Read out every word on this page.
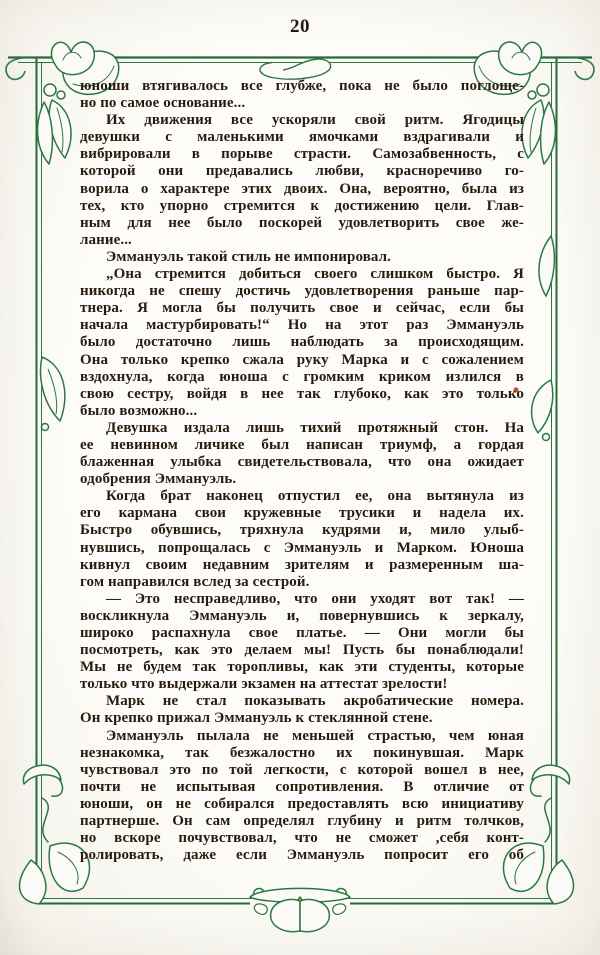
20
юноши втягивалось все глубже, пока не было поглоще-
но по самое основание...
Их движения все ускоряли свой ритм. Ягодицы
девушки с маленькими ямочками вздрагивали и
вибрировали в порыве страсти. Самозабвенность, с
которой они предавались любви, красноречиво го-
ворила о характере этих двоих. Она, вероятно, была из
тех, кто упорно стремится к достижению цели. Глав-
ным для нее было поскорей удовлетворить свое же-
лание...
Эммануэль такой стиль не импонировал.
„Она стремится добиться своего слишком быстро. Я
никогда не спешу достичь удовлетворения раньше пар-
тнера. Я могла бы получить свое и сейчас, если бы
начала мастурбировать!“ Но на этот раз Эммануэль
было достаточно лишь наблюдать за происходящим.
Она только крепко сжала руку Марка и с сожалением
вздохнула, когда юноша с громким криком излился в
свою сестру, войдя в нее так глубоко, как это только
было возможно...
Девушка издала лишь тихий протяжный стон. На
ее невинном личике был написан триумф, а гордая
блаженная улыбка свидетельствовала, что она ожидает
одобрения Эммануэль.
Когда брат наконец отпустил ее, она вытянула из
его кармана свои кружевные трусики и надела их.
Быстро обувшись, тряхнула кудрями и, мило улыб-
нувшись, попрощалась с Эммануэль и Марком. Юноша
кивнул своим недавним зрителям и размеренным ша-
гом направился вслед за сестрой.
— Это несправедливо, что они уходят вот так! —
воскликнула Эммануэль и, повернувшись к зеркалу,
широко распахнула свое платье. — Они могли бы
посмотреть, как это делаем мы! Пусть бы понаблюдали!
Мы не будем так торопливы, как эти студенты, которые
только что выдержали экзамен на аттестат зрелости!
Марк не стал показывать акробатические номера.
Он крепко прижал Эммануэль к стеклянной стене.
Эммануэль пылала не меньшей страстью, чем юная
незнакомка, так безжалостно их покинувшая. Марк
чувствовал это по той легкости, с которой вошел в нее,
почти не испытывая сопротивления. В отличие от
юноши, он не собирался предоставлять всю инициативу
партнерше. Он сам определял глубину и ритм толчков,
но вскоре почувствовал, что не сможет ,себя конт-
ролировать, даже если Эммануэль попросит его об
